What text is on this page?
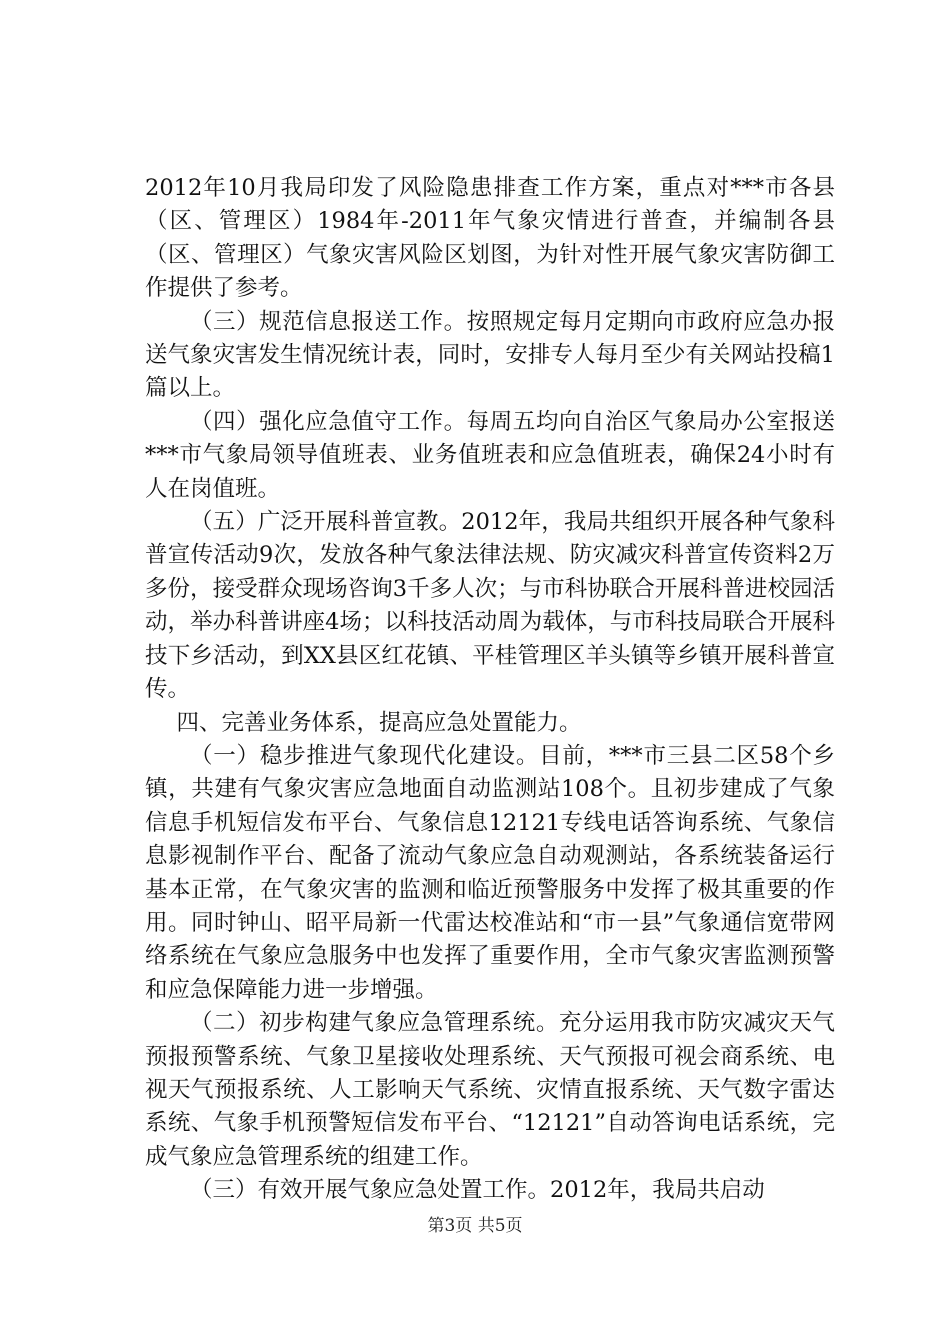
2012年10月我局印发了风险隐患排查工作方案，重点对***市各县（区、管理区）1984年-2011年气象灾情进行普查，并编制各县（区、管理区）气象灾害风险区划图，为针对性开展气象灾害防御工作提供了参考。

（三）规范信息报送工作。按照规定每月定期向市政府应急办报送气象灾害发生情况统计表，同时，安排专人每月至少有关网站投稿1篇以上。

（四）强化应急值守工作。每周五均向自治区气象局办公室报送***市气象局领导值班表、业务值班表和应急值班表，确保24小时有人在岗值班。

（五）广泛开展科普宣教。2012年，我局共组织开展各种气象科普宣传活动9次，发放各种气象法律法规、防灾减灾科普宣传资料2万多份，接受群众现场咨询3千多人次；与市科协联合开展科普进校园活动，举办科普讲座4场；以科技活动周为载体，与市科技局联合开展科技下乡活动，到XX县区红花镇、平桂管理区羊头镇等乡镇开展科普宣传。

四、完善业务体系，提高应急处置能力。

（一）稳步推进气象现代化建设。目前，***市三县二区58个乡镇，共建有气象灾害应急地面自动监测站108个。且初步建成了气象信息手机短信发布平台、气象信息12121专线电话答询系统、气象信息影视制作平台、配备了流动气象应急自动观测站，各系统装备运行基本正常，在气象灾害的监测和临近预警服务中发挥了极其重要的作用。同时钟山、昭平局新一代雷达校准站和“市一县”气象通信宽带网络系统在气象应急服务中也发挥了重要作用，全市气象灾害监测预警和应急保障能力进一步增强。

（二）初步构建气象应急管理系统。充分运用我市防灾减灾天气预报预警系统、气象卫星接收处理系统、天气预报可视会商系统、电视天气预报系统、人工影响天气系统、灾情直报系统、天气数字雷达系统、气象手机预警短信发布平台、“12121”自动答询电话系统，完成气象应急管理系统的组建工作。

（三）有效开展气象应急处置工作。2012年，我局共启动

第3页 共5页
